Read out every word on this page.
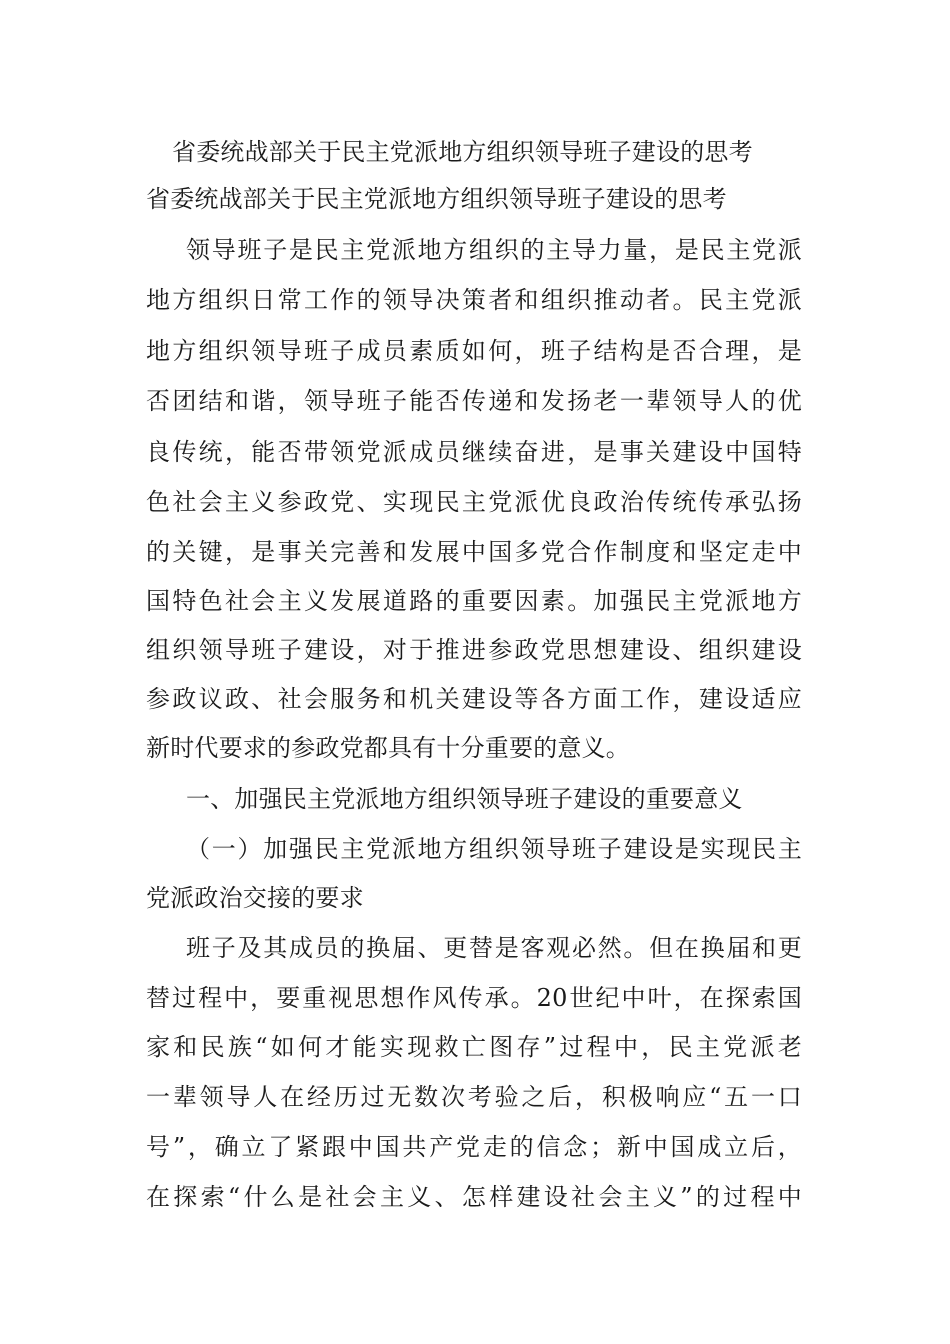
省委统战部关于民主党派地方组织领导班子建设的思考
省委统战部关于民主党派地方组织领导班子建设的思考
领导班子是民主党派地方组织的主导力量，是民主党派
地方组织日常工作的领导决策者和组织推动者。民主党派
地方组织领导班子成员素质如何，班子结构是否合理，是
否团结和谐，领导班子能否传递和发扬老一辈领导人的优
良传统，能否带领党派成员继续奋进，是事关建设中国特
色社会主义参政党、实现民主党派优良政治传统传承弘扬
的关键，是事关完善和发展中国多党合作制度和坚定走中
国特色社会主义发展道路的重要因素。加强民主党派地方
组织领导班子建设，对于推进参政党思想建设、组织建设
参政议政、社会服务和机关建设等各方面工作，建设适应
新时代要求的参政党都具有十分重要的意义。
一、加强民主党派地方组织领导班子建设的重要意义
（一）加强民主党派地方组织领导班子建设是实现民主
党派政治交接的要求
班子及其成员的换届、更替是客观必然。但在换届和更
替过程中，要重视思想作风传承。20世纪中叶，在探索国
家和民族“如何才能实现救亡图存”过程中，民主党派老
一辈领导人在经历过无数次考验之后，积极响应“五一口
号”，确立了紧跟中国共产党走的信念；新中国成立后，
在探索“什么是社会主义、怎样建设社会主义”的过程中
